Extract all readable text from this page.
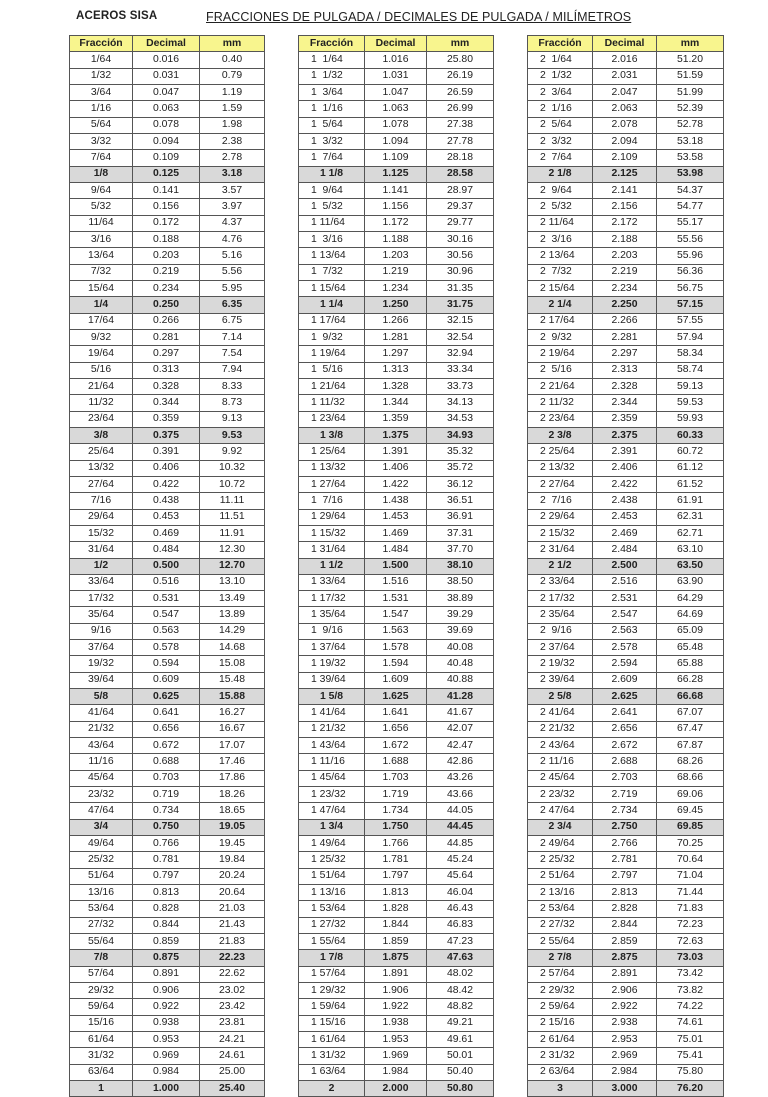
ACEROS SISA	FRACCIONES DE PULGADA / DECIMALES DE PULGADA / MILÍMETROS
Fracción	Decimal	mm
1/64	0.016	0.40
1/32	0.031	0.79
3/64	0.047	1.19
1/16	0.063	1.59
5/64	0.078	1.98
3/32	0.094	2.38
7/64	0.109	2.78
1/8	0.125	3.18
9/64	0.141	3.57
5/32	0.156	3.97
11/64	0.172	4.37
3/16	0.188	4.76
13/64	0.203	5.16
7/32	0.219	5.56
15/64	0.234	5.95
1/4	0.250	6.35
17/64	0.266	6.75
9/32	0.281	7.14
19/64	0.297	7.54
5/16	0.313	7.94
21/64	0.328	8.33
11/32	0.344	8.73
23/64	0.359	9.13
3/8	0.375	9.53
25/64	0.391	9.92
13/32	0.406	10.32
27/64	0.422	10.72
7/16	0.438	11.11
29/64	0.453	11.51
15/32	0.469	11.91
31/64	0.484	12.30
1/2	0.500	12.70
33/64	0.516	13.10
17/32	0.531	13.49
35/64	0.547	13.89
9/16	0.563	14.29
37/64	0.578	14.68
19/32	0.594	15.08
39/64	0.609	15.48
5/8	0.625	15.88
41/64	0.641	16.27
21/32	0.656	16.67
43/64	0.672	17.07
11/16	0.688	17.46
45/64	0.703	17.86
23/32	0.719	18.26
47/64	0.734	18.65
3/4	0.750	19.05
49/64	0.766	19.45
25/32	0.781	19.84
51/64	0.797	20.24
13/16	0.813	20.64
53/64	0.828	21.03
27/32	0.844	21.43
55/64	0.859	21.83
7/8	0.875	22.23
57/64	0.891	22.62
29/32	0.906	23.02
59/64	0.922	23.42
15/16	0.938	23.81
61/64	0.953	24.21
31/32	0.969	24.61
63/64	0.984	25.00
1	1.000	25.40
Fracción	Decimal	mm
1  1/64	1.016	25.80
1  1/32	1.031	26.19
1  3/64	1.047	26.59
1  1/16	1.063	26.99
1  5/64	1.078	27.38
1  3/32	1.094	27.78
1  7/64	1.109	28.18
1 1/8	1.125	28.58
1  9/64	1.141	28.97
1  5/32	1.156	29.37
1 11/64	1.172	29.77
1  3/16	1.188	30.16
1 13/64	1.203	30.56
1  7/32	1.219	30.96
1 15/64	1.234	31.35
1 1/4	1.250	31.75
1 17/64	1.266	32.15
1  9/32	1.281	32.54
1 19/64	1.297	32.94
1  5/16	1.313	33.34
1 21/64	1.328	33.73
1 11/32	1.344	34.13
1 23/64	1.359	34.53
1 3/8	1.375	34.93
1 25/64	1.391	35.32
1 13/32	1.406	35.72
1 27/64	1.422	36.12
1  7/16	1.438	36.51
1 29/64	1.453	36.91
1 15/32	1.469	37.31
1 31/64	1.484	37.70
1 1/2	1.500	38.10
1 33/64	1.516	38.50
1 17/32	1.531	38.89
1 35/64	1.547	39.29
1  9/16	1.563	39.69
1 37/64	1.578	40.08
1 19/32	1.594	40.48
1 39/64	1.609	40.88
1 5/8	1.625	41.28
1 41/64	1.641	41.67
1 21/32	1.656	42.07
1 43/64	1.672	42.47
1 11/16	1.688	42.86
1 45/64	1.703	43.26
1 23/32	1.719	43.66
1 47/64	1.734	44.05
1 3/4	1.750	44.45
1 49/64	1.766	44.85
1 25/32	1.781	45.24
1 51/64	1.797	45.64
1 13/16	1.813	46.04
1 53/64	1.828	46.43
1 27/32	1.844	46.83
1 55/64	1.859	47.23
1 7/8	1.875	47.63
1 57/64	1.891	48.02
1 29/32	1.906	48.42
1 59/64	1.922	48.82
1 15/16	1.938	49.21
1 61/64	1.953	49.61
1 31/32	1.969	50.01
1 63/64	1.984	50.40
2	2.000	50.80
Fracción	Decimal	mm
2  1/64	2.016	51.20
2  1/32	2.031	51.59
2  3/64	2.047	51.99
2  1/16	2.063	52.39
2  5/64	2.078	52.78
2  3/32	2.094	53.18
2  7/64	2.109	53.58
2 1/8	2.125	53.98
2  9/64	2.141	54.37
2  5/32	2.156	54.77
2 11/64	2.172	55.17
2  3/16	2.188	55.56
2 13/64	2.203	55.96
2  7/32	2.219	56.36
2 15/64	2.234	56.75
2 1/4	2.250	57.15
2 17/64	2.266	57.55
2  9/32	2.281	57.94
2 19/64	2.297	58.34
2  5/16	2.313	58.74
2 21/64	2.328	59.13
2 11/32	2.344	59.53
2 23/64	2.359	59.93
2 3/8	2.375	60.33
2 25/64	2.391	60.72
2 13/32	2.406	61.12
2 27/64	2.422	61.52
2  7/16	2.438	61.91
2 29/64	2.453	62.31
2 15/32	2.469	62.71
2 31/64	2.484	63.10
2 1/2	2.500	63.50
2 33/64	2.516	63.90
2 17/32	2.531	64.29
2 35/64	2.547	64.69
2  9/16	2.563	65.09
2 37/64	2.578	65.48
2 19/32	2.594	65.88
2 39/64	2.609	66.28
2 5/8	2.625	66.68
2 41/64	2.641	67.07
2 21/32	2.656	67.47
2 43/64	2.672	67.87
2 11/16	2.688	68.26
2 45/64	2.703	68.66
2 23/32	2.719	69.06
2 47/64	2.734	69.45
2 3/4	2.750	69.85
2 49/64	2.766	70.25
2 25/32	2.781	70.64
2 51/64	2.797	71.04
2 13/16	2.813	71.44
2 53/64	2.828	71.83
2 27/32	2.844	72.23
2 55/64	2.859	72.63
2 7/8	2.875	73.03
2 57/64	2.891	73.42
2 29/32	2.906	73.82
2 59/64	2.922	74.22
2 15/16	2.938	74.61
2 61/64	2.953	75.01
2 31/32	2.969	75.41
2 63/64	2.984	75.80
3	3.000	76.20
